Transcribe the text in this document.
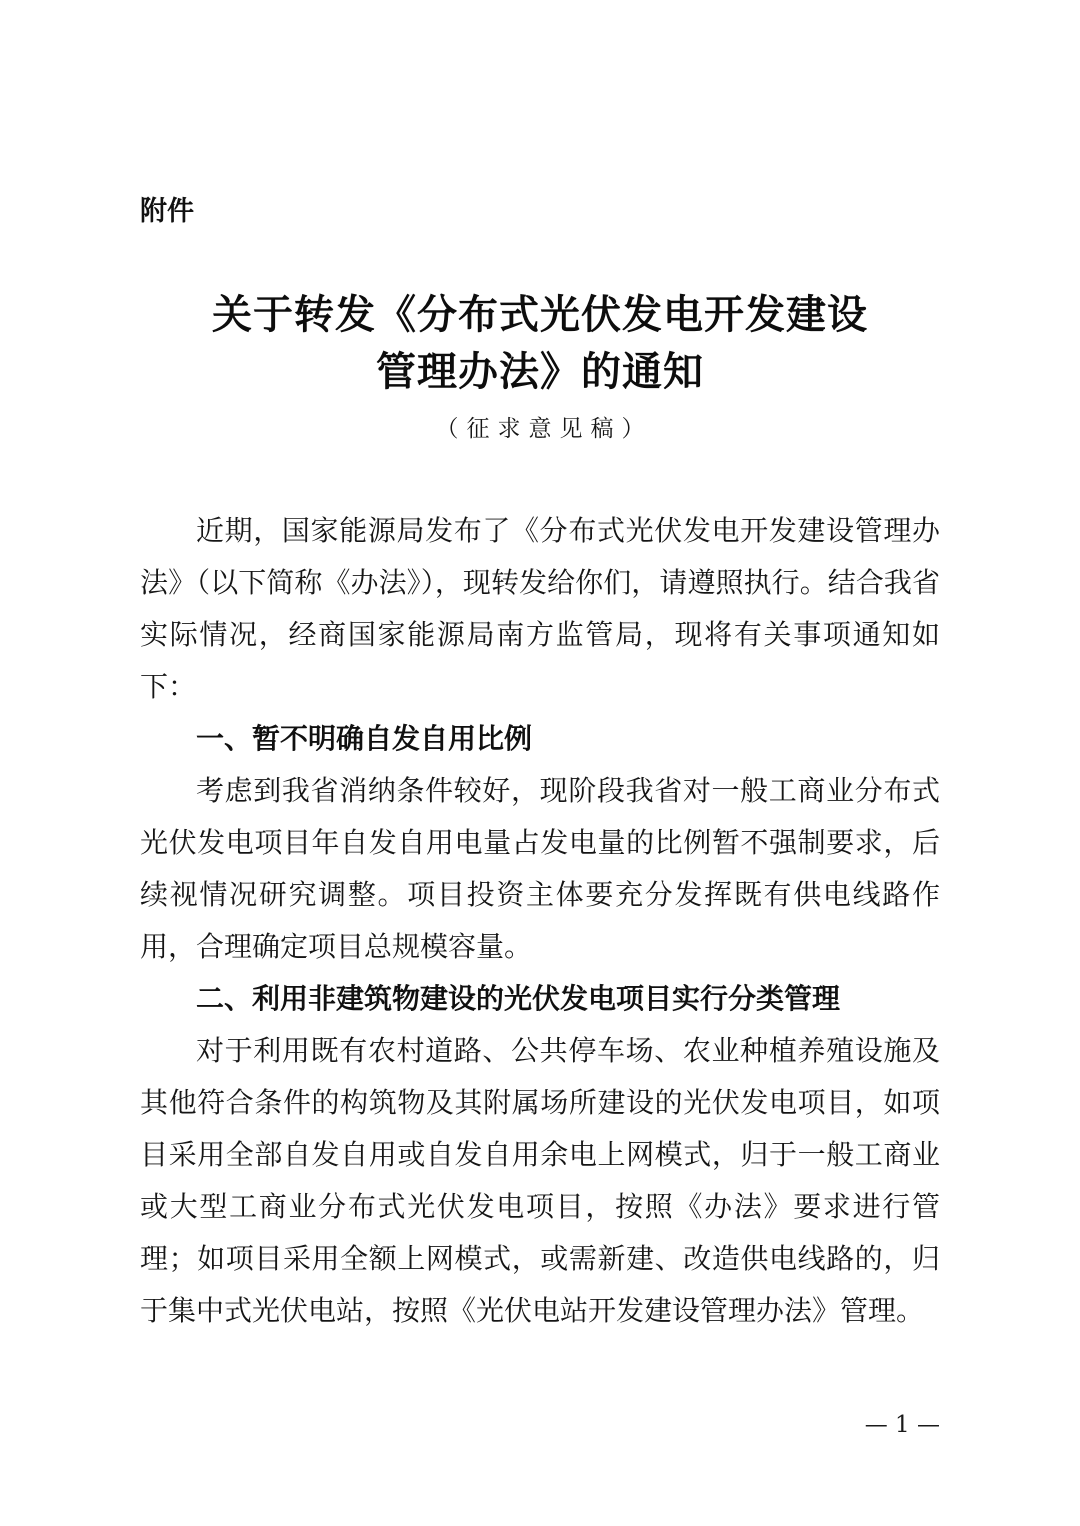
附件
关于转发《分布式光伏发电开发建设
管理办法》的通知
（征求意见稿）

近期，国家能源局发布了《分布式光伏发电开发建设管理办法》（以下简称《办法》），现转发给你们，请遵照执行。结合我省实际情况，经商国家能源局南方监管局，现将有关事项通知如下：

一、暂不明确自发自用比例

考虑到我省消纳条件较好，现阶段我省对一般工商业分布式光伏发电项目年自发自用电量占发电量的比例暂不强制要求，后续视情况研究调整。项目投资主体要充分发挥既有供电线路作用，合理确定项目总规模容量。

二、利用非建筑物建设的光伏发电项目实行分类管理

对于利用既有农村道路、公共停车场、农业种植养殖设施及其他符合条件的构筑物及其附属场所建设的光伏发电项目，如项目采用全部自发自用或自发自用余电上网模式，归于一般工商业或大型工商业分布式光伏发电项目，按照《办法》要求进行管理；如项目采用全额上网模式，或需新建、改造供电线路的，归于集中式光伏电站，按照《光伏电站开发建设管理办法》管理。

— 1 —
